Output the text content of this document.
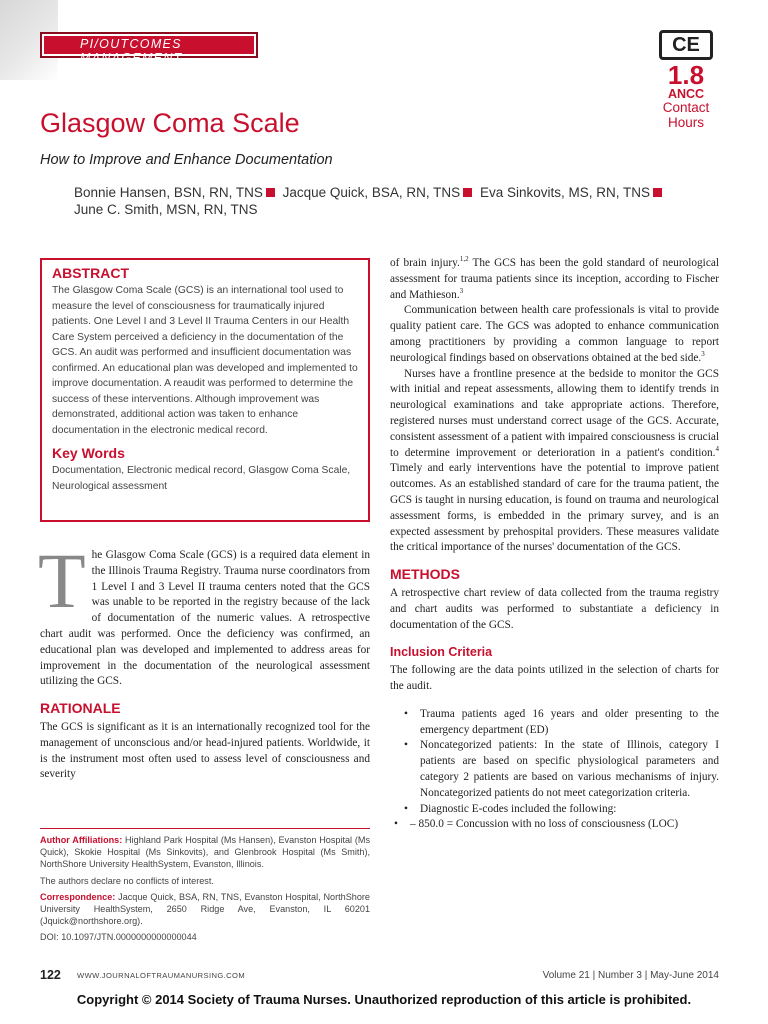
PI/OUTCOMES MANAGEMENT
CE
1.8
ANCC
Contact
Hours
Glasgow Coma Scale
How to Improve and Enhance Documentation
Bonnie Hansen, BSN, RN, TNS Jacque Quick, BSA, RN, TNS Eva Sinkovits, MS, RN, TNS
June C. Smith, MSN, RN, TNS
ABSTRACT

The Glasgow Coma Scale (GCS) is an international tool used to measure the level of consciousness for traumatically injured patients. One Level I and 3 Level II Trauma Centers in our Health Care System perceived a deficiency in the documentation of the GCS. An audit was performed and insufficient documentation was confirmed. An educational plan was developed and implemented to improve documentation. A reaudit was performed to determine the success of these interventions. Although improvement was demonstrated, additional action was taken to enhance documentation in the electronic medical record.

Key Words

Documentation, Electronic medical record, Glasgow Coma Scale, Neurological assessment

The Glasgow Coma Scale (GCS) is a required data element in the Illinois Trauma Registry. Trauma nurse coordinators from 1 Level I and 3 Level II trauma centers noted that the GCS was unable to be reported in the registry because of the lack of documentation of the numeric values. A retrospective chart audit was performed. Once the deficiency was confirmed, an educational plan was developed and implemented to address areas for improvement in the documentation of the neurological assessment utilizing the GCS.

RATIONALE

The GCS is significant as it is an internationally recognized tool for the management of unconscious and/or head-injured patients. Worldwide, it is the instrument most often used to assess level of consciousness and severity

Author Affiliations: Highland Park Hospital (Ms Hansen), Evanston Hospital (Ms Quick), Skokie Hospital (Ms Sinkovits), and Glenbrook Hospital (Ms Smith), NorthShore University HealthSystem, Evanston, Illinois.

The authors declare no conflicts of interest.

Correspondence: Jacque Quick, BSA, RN, TNS, Evanston Hospital, NorthShore University HealthSystem, 2650 Ridge Ave, Evanston, IL 60201 (Jquick@northshore.org).

DOI: 10.1097/JTN.0000000000000044

of brain injury.$^{1,2}$ The GCS has been the gold standard of neurological assessment for trauma patients since its inception, according to Fischer and Mathieson.$^3$

Communication between health care professionals is vital to provide quality patient care. The GCS was adopted to enhance communication among practitioners by providing a common language to report neurological findings based on observations obtained at the bed side.$^3$

Nurses have a frontline presence at the bedside to monitor the GCS with initial and repeat assessments, allowing them to identify trends in neurological examinations and take appropriate actions. Therefore, registered nurses must understand correct usage of the GCS. Accurate, consistent assessment of a patient with impaired consciousness is crucial to determine improvement or deterioration in a patient's condition.$^4$ Timely and early interventions have the potential to improve patient outcomes. As an established standard of care for the trauma patient, the GCS is taught in nursing education, is found on trauma and neurological assessment forms, is embedded in the primary survey, and is an expected assessment by prehospital providers. These measures validate the critical importance of the nurses' documentation of the GCS.

METHODS

A retrospective chart review of data collected from the trauma registry and chart audits was performed to substantiate a deficiency in documentation of the GCS.

Inclusion Criteria

The following are the data points utilized in the selection of charts for the audit.

• Trauma patients aged 16 years and older presenting to the emergency department (ED)
• Noncategorized patients: In the state of Illinois, category I patients are based on specific physiological parameters and category 2 patients are based on various mechanisms of injury. Noncategorized patients do not meet categorization criteria.
• Diagnostic E-codes included the following:
• – 850.0 = Concussion with no loss of consciousness (LOC)
122 WWW.JOURNALOFTRAUMANURSING.COM	Volume 21 | Number 3 | May-June 2014
Copyright © 2014 Society of Trauma Nurses. Unauthorized reproduction of this article is prohibited.
